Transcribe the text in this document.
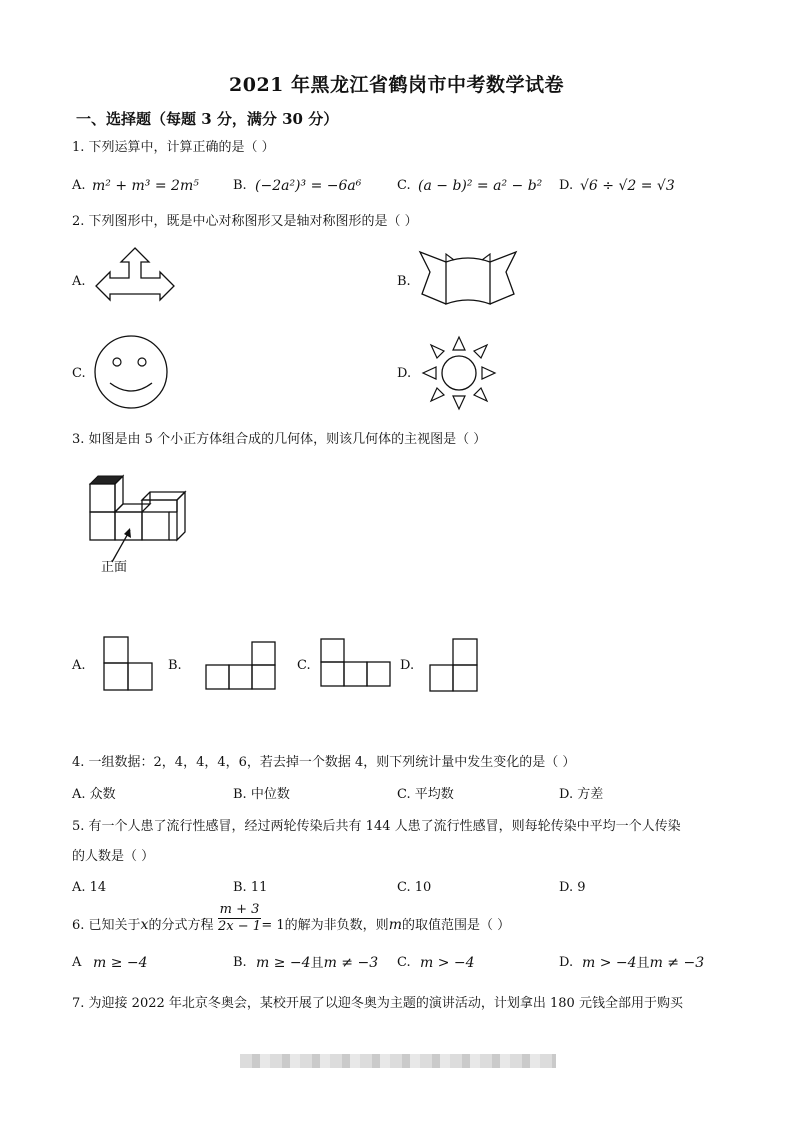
2021 年黑龙江省鹤岗市中考数学试卷
一、选择题（每题 3 分，满分 30 分）
1. 下列运算中，计算正确的是（ ）
A. m² + m³ = 2m⁵	B. (−2a²)³ = −6a⁶	C. (a − b)² = a² − b² D. √6 ÷ √2 = √3
2. 下列图形中，既是中心对称图形又是轴对称图形的是（ ）
A.	B.
C.	D.
3. 如图是由 5 个小正方体组合成的几何体，则该几何体的主视图是（ ）
正面
A.	B.	C.	D.
4. 一组数据：2，4，4，4，6，若去掉一个数据 4，则下列统计量中发生变化的是（ ）
A. 众数	B. 中位数	C. 平均数	D. 方差
5. 有一个人患了流行性感冒，经过两轮传染后共有 144 人患了流行性感冒，则每轮传染中平均一个人传染
的人数是（ ）
A. 14	B. 11	C. 10	D. 9
6. 已知关于x的分式方程 $\frac{m + 3}{2x - 1} = 1$的解为非负数，则m的取值范围是（ ）
A m ≥ −4	B. m ≥ −4且m ≠ −3 C. m > −4	D. m > −4且m ≠ −3
7. 为迎接 2022 年北京冬奥会，某校开展了以迎冬奥为主题的演讲活动，计划拿出 180 元钱全部用于购买
